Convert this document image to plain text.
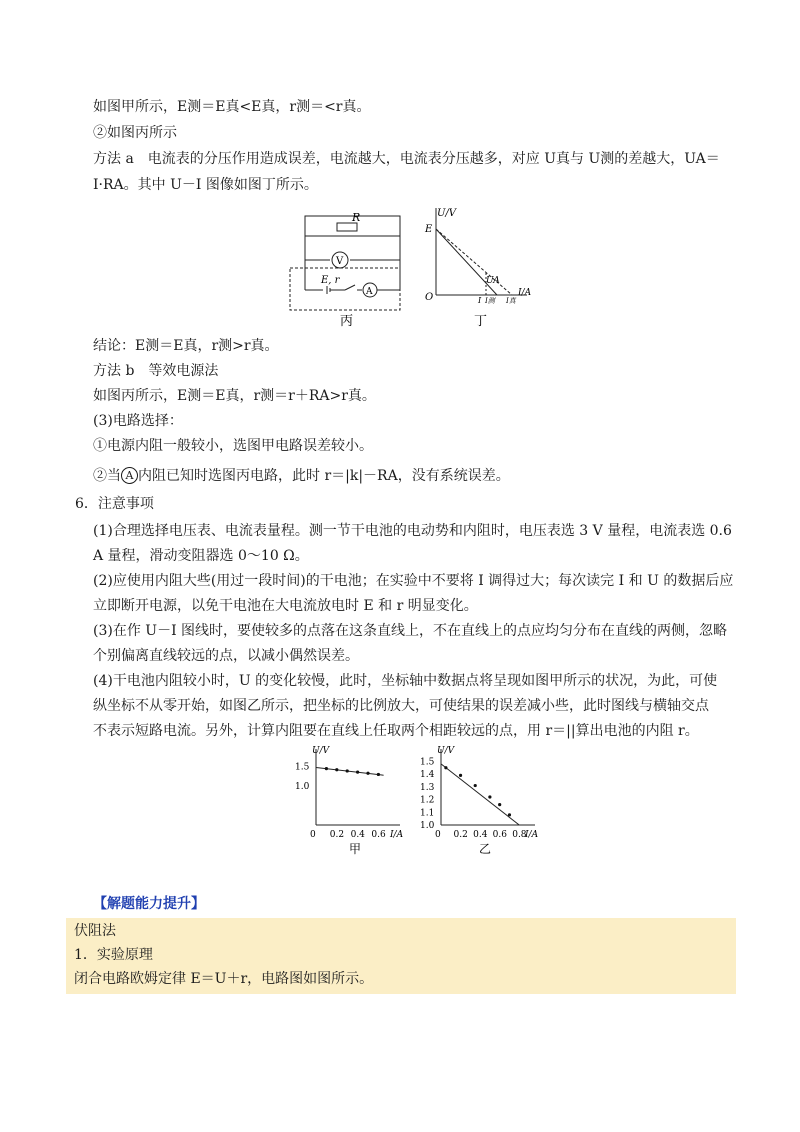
如图甲所示，E测＝E真<E真，r测＝<r真。
②如图丙所示
方法 a　电流表的分压作用造成误差，电流越大，电流表分压越多，对应 U真与 U测的差越大，UA＝
I·RA。其中 U－I 图像如图丁所示。
R
V
E, r
A
丙
U/V
E
O
UA
I/A
I I测 I真
丁
结论：E测＝E真，r测>r真。
方法 b　等效电源法
如图丙所示，E测＝E真，r测＝r＋RA>r真。
(3)电路选择：
①电源内阻一般较小，选图甲电路误差较小。
②当 A 内阻已知时选图丙电路，此时 r＝|k|－RA，没有系统误差。
6．注意事项
(1)合理选择电压表、电流表量程。测一节干电池的电动势和内阻时，电压表选 3 V 量程，电流表选 0.6
A 量程，滑动变阻器选 0～10 Ω。
(2)应使用内阻大些(用过一段时间)的干电池；在实验中不要将 I 调得过大；每次读完 I 和 U 的数据后应
立即断开电源，以免干电池在大电流放电时 E 和 r 明显变化。
(3)在作 U－I 图线时，要使较多的点落在这条直线上，不在直线上的点应均匀分布在直线的两侧，忽略
个别偏离直线较远的点，以减小偶然误差。
(4)干电池内阻较小时，U 的变化较慢，此时，坐标轴中数据点将呈现如图甲所示的状况，为此，可使
纵坐标不从零开始，如图乙所示，把坐标的比例放大，可使结果的误差减小些，此时图线与横轴交点
不表示短路电流。另外，计算内阻要在直线上任取两个相距较远的点，用 r＝||算出电池的内阻 r。
U/V
I/A
0
1.0
1.5
0.2 0.4 0.6
甲
U/V
I/A
0
1.0
1.1
1.2
1.3
1.4
1.5
0.2 0.4 0.6 0.8
乙
【解题能力提升】
伏阻法
1．实验原理
闭合电路欧姆定律 E＝U＋r，电路图如图所示。
